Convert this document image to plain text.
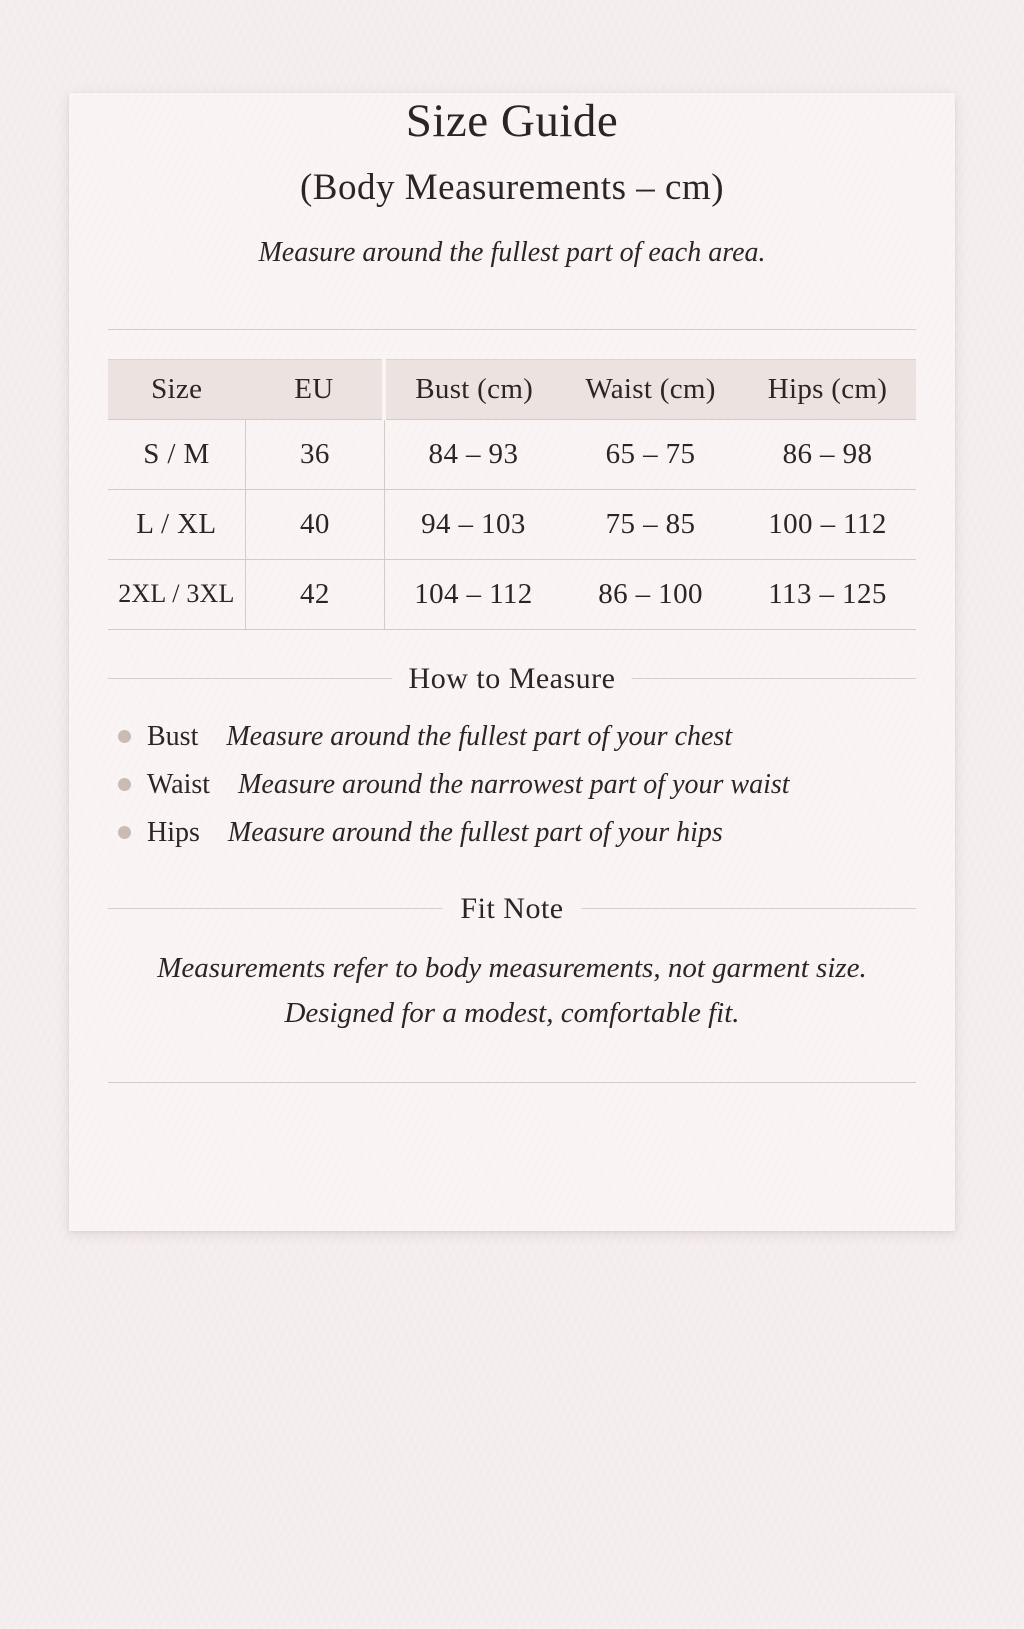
Size Guide
(Body Measurements – cm)

Measure around the fullest part of each area.

Size	EU	Bust (cm)	Waist (cm)	Hips (cm)
S / M	36	84 – 93	65 – 75	86 – 98
L / XL	40	94 – 103	75 – 85	100 – 112
2XL / 3XL	42	104 – 112	86 – 100	113 – 125
How to Measure
Bust Measure around the fullest part of your chest
Waist Measure around the narrowest part of your waist
Hips Measure around the fullest part of your hips
Fit Note

Measurements refer to body measurements, not garment size.

Designed for a modest, comfortable fit.
